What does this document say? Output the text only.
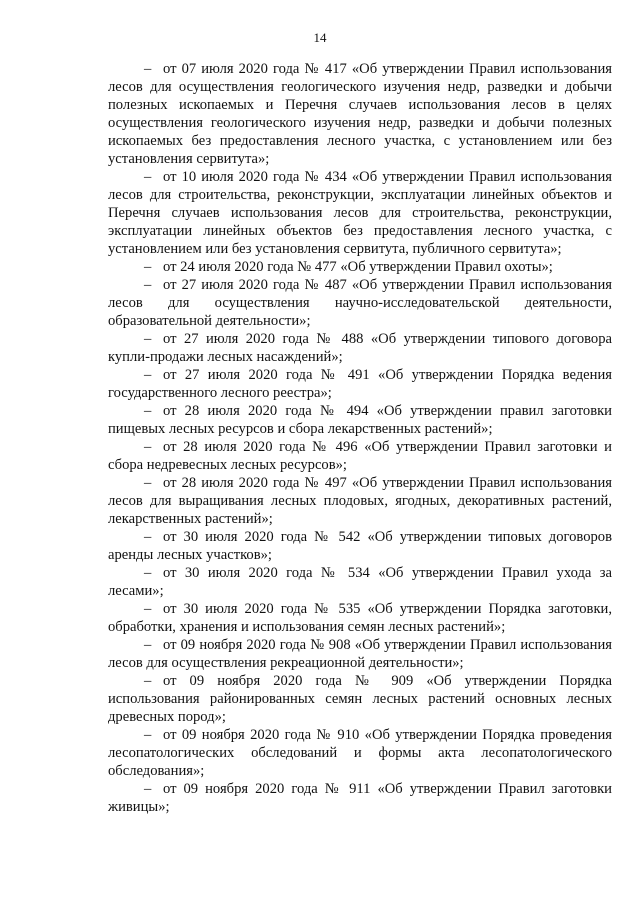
14

– от 07 июля 2020 года № 417 «Об утверждении Правил использования лесов для осуществления геологического изучения недр, разведки и добычи полезных ископаемых и Перечня случаев использования лесов в целях осуществления геологического изучения недр, разведки и добычи полезных ископаемых без предоставления лесного участка, с установлением или без установления сервитута»;

– от 10 июля 2020 года № 434 «Об утверждении Правил использования лесов для строительства, реконструкции, эксплуатации линейных объектов и Перечня случаев использования лесов для строительства, реконструкции, эксплуатации линейных объектов без предоставления лесного участка, с установлением или без установления сервитута, публичного сервитута»;

– от 24 июля 2020 года № 477 «Об утверждении Правил охоты»;

– от 27 июля 2020 года № 487 «Об утверждении Правил использования лесов для осуществления научно-исследовательской деятельности, образовательной деятельности»;

– от 27 июля 2020 года № 488 «Об утверждении типового договора купли-продажи лесных насаждений»;

– от 27 июля 2020 года № 491 «Об утверждении Порядка ведения государственного лесного реестра»;

– от 28 июля 2020 года № 494 «Об утверждении правил заготовки пищевых лесных ресурсов и сбора лекарственных растений»;

– от 28 июля 2020 года № 496 «Об утверждении Правил заготовки и сбора недревесных лесных ресурсов»;

– от 28 июля 2020 года № 497 «Об утверждении Правил использования лесов для выращивания лесных плодовых, ягодных, декоративных растений, лекарственных растений»;

– от 30 июля 2020 года № 542 «Об утверждении типовых договоров аренды лесных участков»;

– от 30 июля 2020 года № 534 «Об утверждении Правил ухода за лесами»;

– от 30 июля 2020 года № 535 «Об утверждении Порядка заготовки, обработки, хранения и использования семян лесных растений»;

– от 09 ноября 2020 года № 908 «Об утверждении Правил использования лесов для осуществления рекреационной деятельности»;

– от 09 ноября 2020 года № 909 «Об утверждении Порядка использования районированных семян лесных растений основных лесных древесных пород»;

– от 09 ноября 2020 года № 910 «Об утверждении Порядка проведения лесопатологических обследований и формы акта лесопатологического обследования»;

– от 09 ноября 2020 года № 911 «Об утверждении Правил заготовки живицы»;
